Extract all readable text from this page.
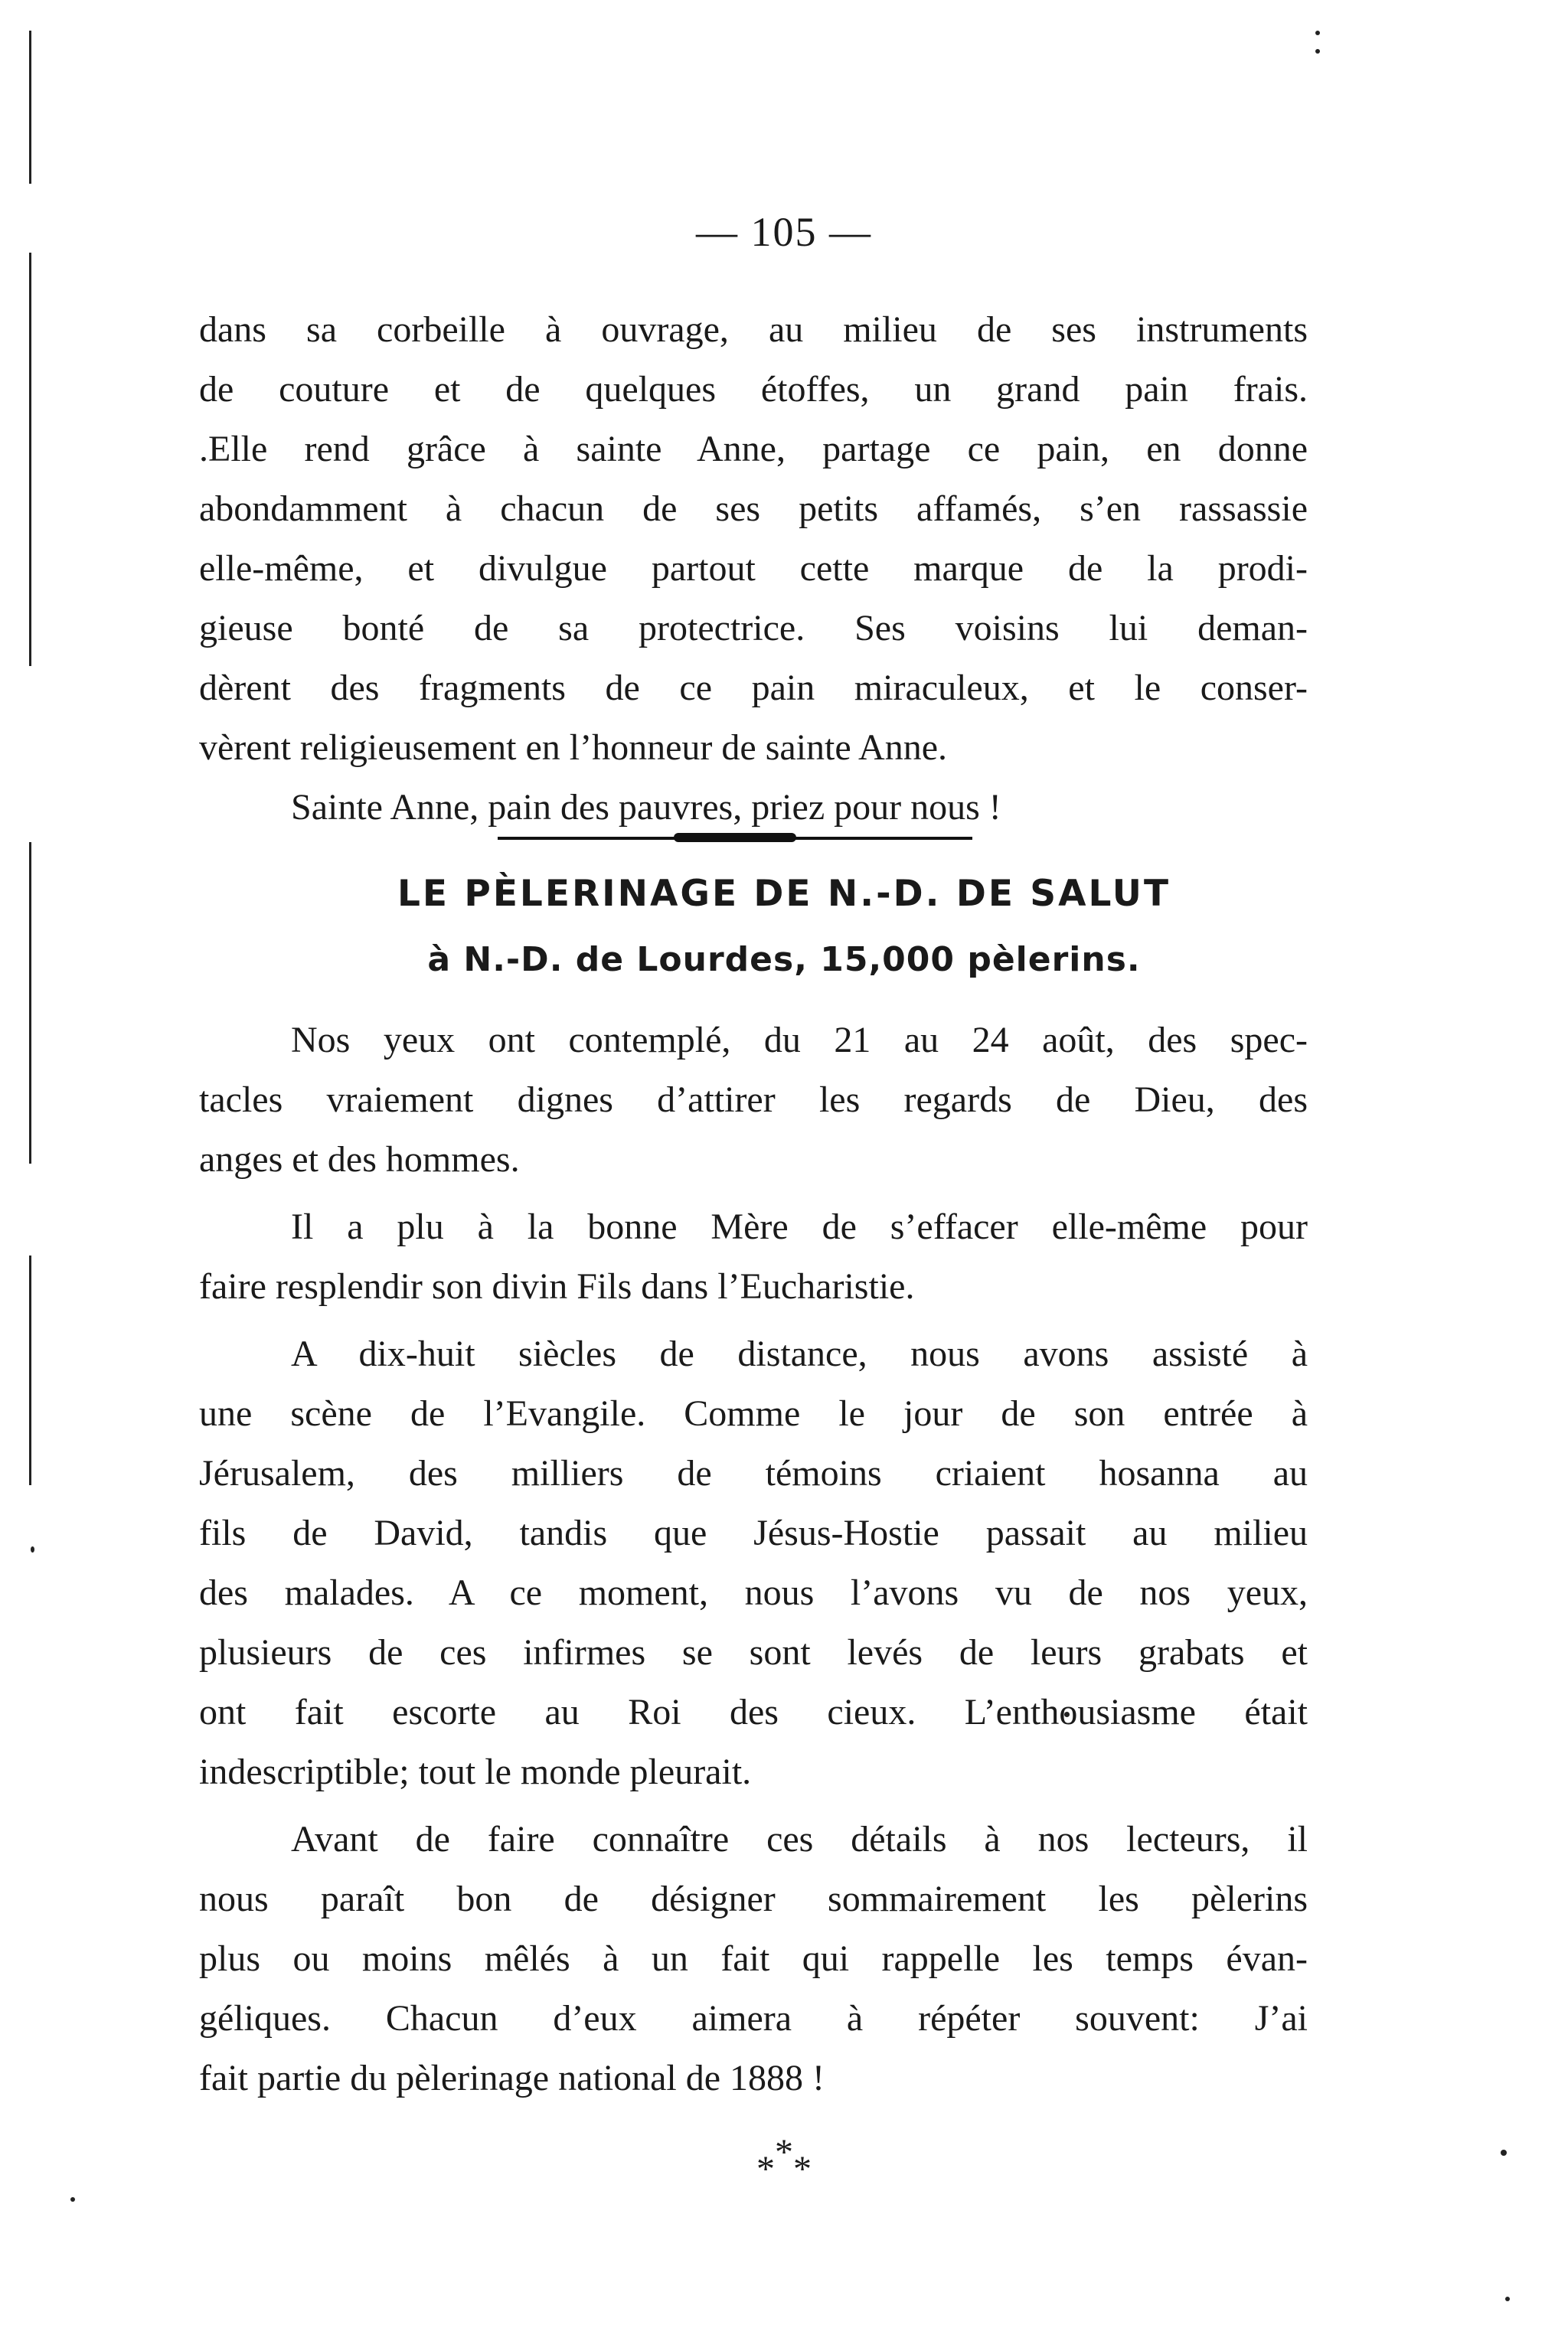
— 105 —
dans sa corbeille à ouvrage, au milieu de ses instruments
de couture et de quelques étoffes, un grand pain frais.
.Elle rend grâce à sainte Anne, partage ce pain, en donne
abondamment à chacun de ses petits affamés, s’en rassassie
elle-même, et divulgue partout cette marque de la prodi-
gieuse bonté de sa protectrice. Ses voisins lui deman-
dèrent des fragments de ce pain miraculeux, et le conser-
vèrent religieusement en l’honneur de sainte Anne.
Sainte Anne, pain des pauvres, priez pour nous !
LE PÈLERINAGE DE N.-D. DE SALUT
à N.-D. de Lourdes, 15,000 pèlerins.
Nos yeux ont contemplé, du 21 au 24 août, des spec-
tacles vraiement dignes d’attirer les regards de Dieu, des
anges et des hommes.
Il a plu à la bonne Mère de s’effacer elle-même pour
faire resplendir son divin Fils dans l’Eucharistie.
A dix-huit siècles de distance, nous avons assisté à
une scène de l’Evangile. Comme le jour de son entrée à
Jérusalem, des milliers de témoins criaient hosanna au
fils de David, tandis que Jésus-Hostie passait au milieu
des malades. A ce moment, nous l’avons vu de nos yeux,
plusieurs de ces infirmes se sont levés de leurs grabats et
ont fait escorte au Roi des cieux. L’enthousiasme était
indescriptible; tout le monde pleurait.
Avant de faire connaître ces détails à nos lecteurs, il
nous paraît bon de désigner sommairement les pèlerins
plus ou moins mêlés à un fait qui rappelle les temps évan-
géliques. Chacun d’eux aimera à répéter souvent: J’ai
fait partie du pèlerinage national de 1888 !
***
